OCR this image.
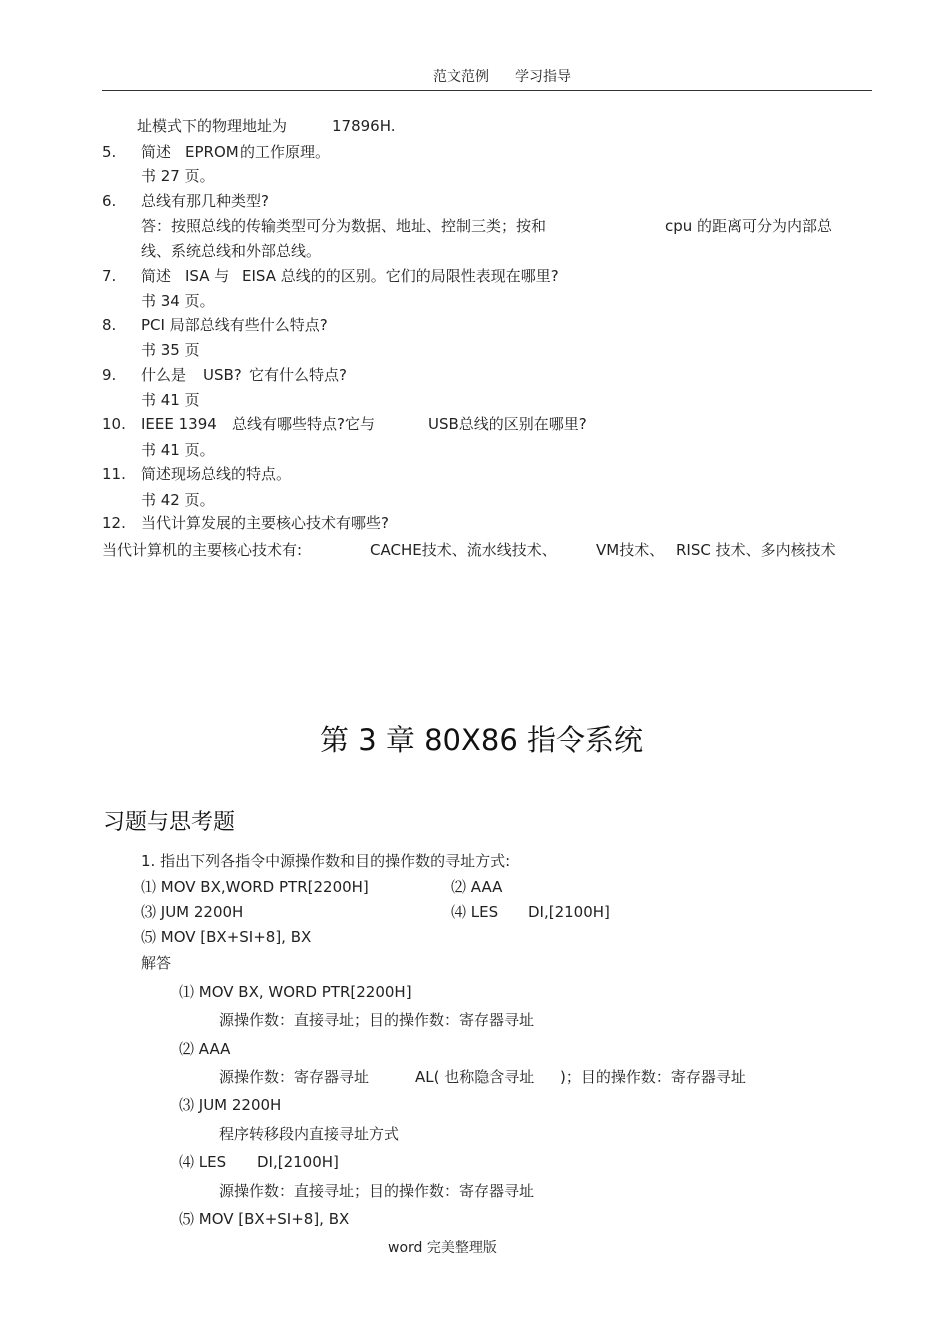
范文范例 学习指导
址模式下的物理地址为	17896H.
5. 简述 EPROM 的工作原理。
书 27 页。
6. 总线有那几种类型?
答：按照总线的传输类型可分为数据、地址、控制三类；按和	cpu 的距离可分为内部总
线、系统总线和外部总线。
7. 简述 ISA 与 EISA 总线的的区别。它们的局限性表现在哪里?
书 34 页。
8. PCI 局部总线有些什么特点?
书 35 页
9. 什么是 USB? 它有什么特点?
书 41 页
10. IEEE 1394 总线有哪些特点?它与	USB总线的区别在哪里?
书 41 页。
11. 简述现场总线的特点。
书 42 页。
12. 当代计算发展的主要核心技术有哪些?
当代计算机的主要核心技术有:	CACHE技术、流水线技术、	VM技术、 RISC 技术、多内核技术
第 3 章 80X86 指令系统
习题与思考题
1. 指出下列各指令中源操作数和目的操作数的寻址方式:
⑴ MOV BX,WORD PTR[2200H]	⑵ AAA
⑶ JUM 2200H	⑷ LES DI,[2100H]
⑸ MOV [BX+SI+8], BX
解答
⑴ MOV BX, WORD PTR[2200H]
源操作数：直接寻址；目的操作数：寄存器寻址
⑵ AAA
源操作数：寄存器寻址	AL( 也称隐含寻址 )；目的操作数：寄存器寻址
⑶ JUM 2200H
程序转移段内直接寻址方式
⑷ LES DI,[2100H]
源操作数：直接寻址；目的操作数：寄存器寻址
⑸ MOV [BX+SI+8], BX
word 完美整理版
